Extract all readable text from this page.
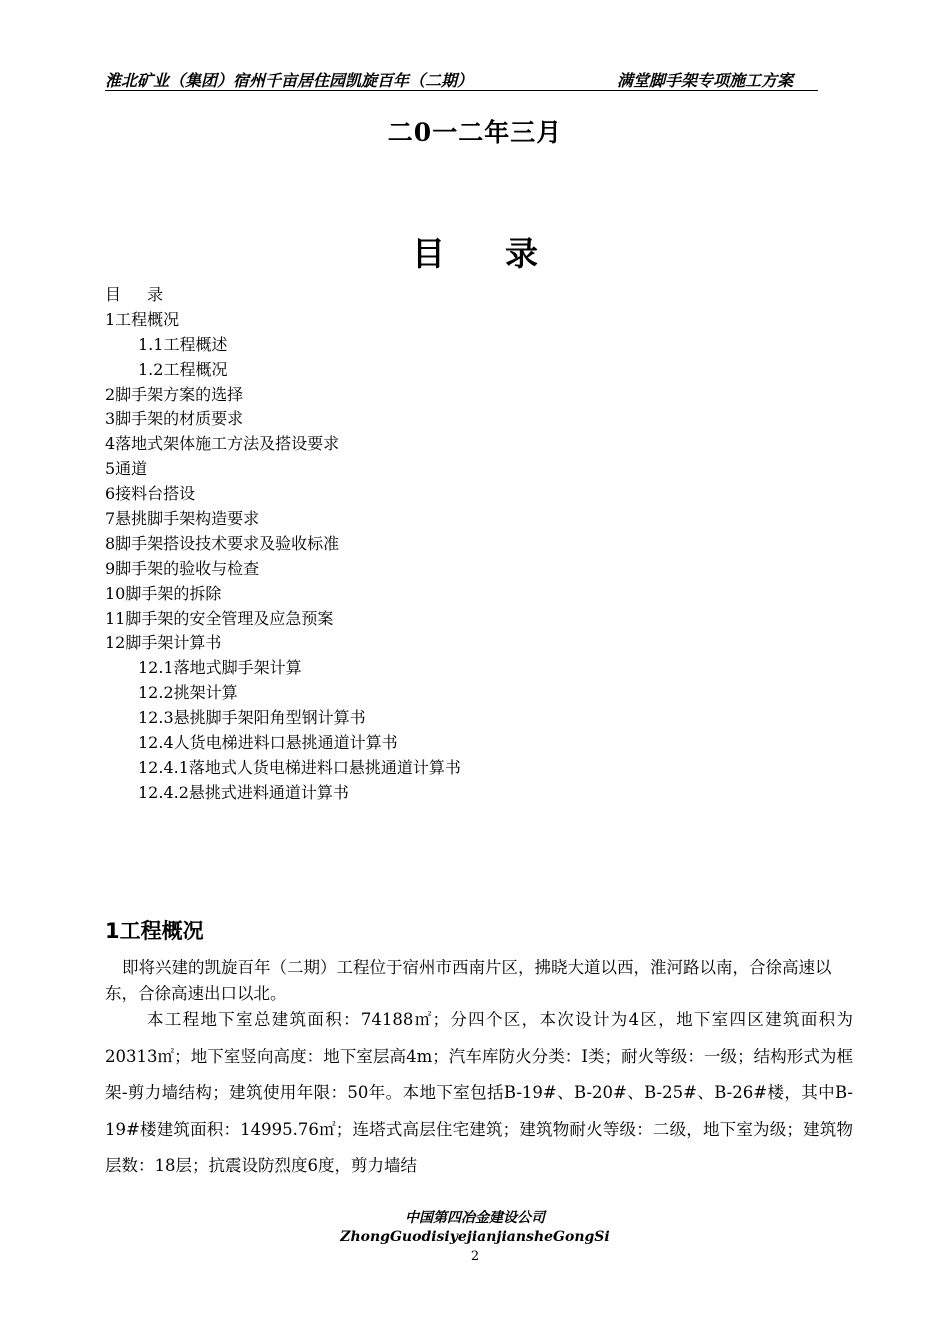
淮北矿业（集团）宿州千亩居住园凯旋百年（二期）	满堂脚手架专项施工方案
二0一二年三月
目 录
目 录
1工程概况
1.1工程概述
1.2工程概况
2脚手架方案的选择
3脚手架的材质要求
4落地式架体施工方法及搭设要求
5通道
6接料台搭设
7悬挑脚手架构造要求
8脚手架搭设技术要求及验收标准
9脚手架的验收与检查
10脚手架的拆除
11脚手架的安全管理及应急预案
12脚手架计算书
12.1落地式脚手架计算
12.2挑架计算
12.3悬挑脚手架阳角型钢计算书
12.4人货电梯进料口悬挑通道计算书
12.4.1落地式人货电梯进料口悬挑通道计算书
12.4.2悬挑式进料通道计算书
1工程概况
即将兴建的凯旋百年（二期）工程位于宿州市西南片区，拂晓大道以西，淮河路以南，合徐高速以东，合徐高速出口以北。
本工程地下室总建筑面积：74188㎡；分四个区，本次设计为4区，地下室四区建筑面积为20313㎡；地下室竖向高度：地下室层高4m；汽车库防火分类：Ⅰ类；耐火等级：一级；结构形式为框架-剪力墙结构；建筑使用年限：50年。本地下室包括B-19#、B-20#、B-25#、B-26#楼，其中B-19#楼建筑面积：14995.76㎡；连塔式高层住宅建筑；建筑物耐火等级：二级，地下室为级；建筑物层数：18层；抗震设防烈度6度，剪力墙结
中国第四冶金建设公司
ZhongGuodisiyejianjiansheGongSi
2
